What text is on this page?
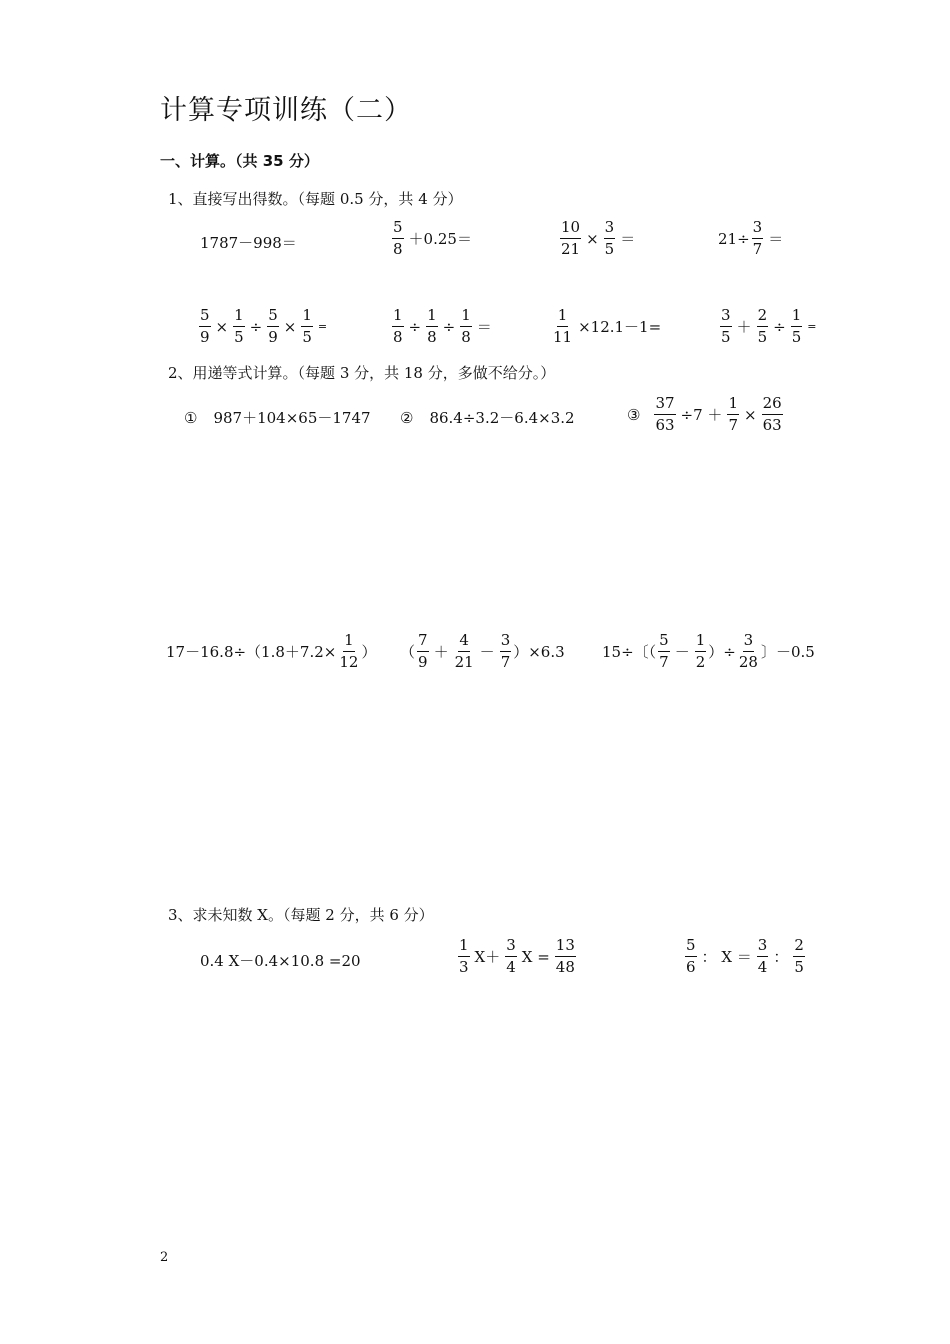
计算专项训练（二）
一、计算。（共 35 分）
1、直接写出得数。（每题 0.5 分，共 4 分）
1787－998＝	$\frac{5}{8} +0.25=$	$\frac{10}{21} \times \frac{3}{5}$ ＝	$21\div \frac{3}{7}$ ＝
$\frac{5}{9} \times \frac{1}{5} \div \frac{5}{9} \times \frac{1}{5}$ =	$\frac{1}{8} \div \frac{1}{8} \div \frac{1}{8}$ ＝	$\frac{1}{11} \times 12.1-1=$	$\frac{3}{5} + \frac{2}{5} \div \frac{1}{5}$ =
2、用递等式计算。（每题 3 分，共 18 分，多做不给分。）
① 987＋104×65－1747 ② 86.4÷3.2－6.4×3.2	③ $\frac{37}{63} \div 7 + \frac{1}{7} \times \frac{26}{63}$
$17-16.8\div(1.8+7.2\times \frac{1}{12}$ ） （ $\frac{7}{9} + \frac{4}{21} - \frac{3}{7} )\times 6.3$ 15÷〔（ $\frac{5}{7} - \frac{1}{2}$ ）÷ $\frac{3}{28}$ 〕－0.5
3、求未知数 X。（每题 2 分，共 6 分）
0.4 X－0.4×10.8 =20	$\frac{1}{3} X+ \frac{3}{4}$ $X = \frac{13}{48}$	$\frac{5}{6}$ ： $X = \frac{3}{4}$ ： $\frac{2}{5}$
2
